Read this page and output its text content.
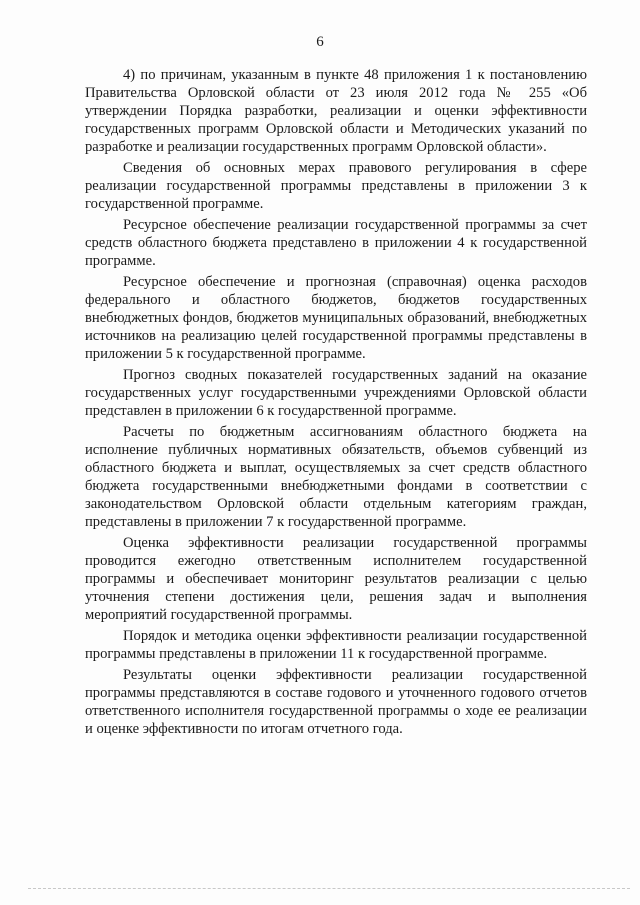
6

4) по причинам, указанным в пункте 48 приложения 1 к постановлению Правительства Орловской области от 23 июля 2012 года № 255 «Об утверждении Порядка разработки, реализации и оценки эффективности государственных программ Орловской области и Методических указаний по разработке и реализации государственных программ Орловской области».

Сведения об основных мерах правового регулирования в сфере реализации государственной программы представлены в приложении 3 к государственной программе.

Ресурсное обеспечение реализации государственной программы за счет средств областного бюджета представлено в приложении 4 к государственной программе.

Ресурсное обеспечение и прогнозная (справочная) оценка расходов федерального и областного бюджетов, бюджетов государственных внебюджетных фондов, бюджетов муниципальных образований, внебюджетных источников на реализацию целей государственной программы представлены в приложении 5 к государственной программе.

Прогноз сводных показателей государственных заданий на оказание государственных услуг государственными учреждениями Орловской области представлен в приложении 6 к государственной программе.

Расчеты по бюджетным ассигнованиям областного бюджета на исполнение публичных нормативных обязательств, объемов субвенций из областного бюджета и выплат, осуществляемых за счет средств областного бюджета государственными внебюджетными фондами в соответствии с законодательством Орловской области отдельным категориям граждан, представлены в приложении 7 к государственной программе.

Оценка эффективности реализации государственной программы проводится ежегодно ответственным исполнителем государственной программы и обеспечивает мониторинг результатов реализации с целью уточнения степени достижения цели, решения задач и выполнения мероприятий государственной программы.

Порядок и методика оценки эффективности реализации государственной программы представлены в приложении 11 к государственной программе.

Результаты оценки эффективности реализации государственной программы представляются в составе годового и уточненного годового отчетов ответственного исполнителя государственной программы о ходе ее реализации и оценке эффективности по итогам отчетного года.
